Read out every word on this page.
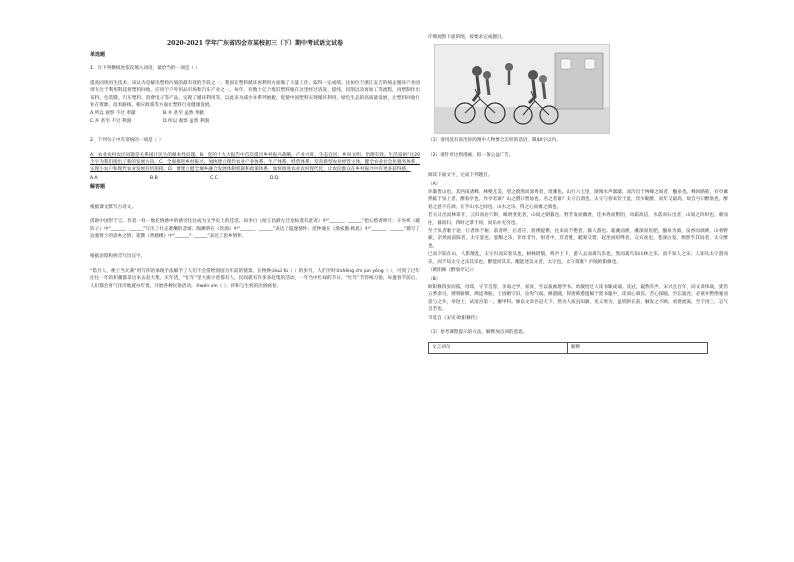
2020-2021 学年广东省四会市某校初三（下）期中考试语文试卷
单选题

1．在下列横线处依次填入词语，最恰当的一项是（ ）

提高同组再生技术，该认为是解决塑料污染的最有效的手段之一。我国在塑料循环再利用方面做了大量工作，取得一定成绩。比如位于浙江安吉的绒企循环产业园则专注于利用科技将塑料回收，应用于户外用品市场和汽车产业之一。每年，有数十亿个废旧塑料瓶在这里经过清洗、提纯、切削以及再加工等流程，再塑制作出布料、包装膜、汽车塑料、消费电子等产品，实现了循环利用等，以此来为减少并系列展板，促使中国塑料实现循环利用、绿色生态的高质量发展，让塑料回收行业在资源、技术路线、相应政策等方面让塑料行业健康发展。

A.所以 观察 不过 奉献	B.并 甚至 虽然 奉献
C.并 甚至 不过 利润	D.所以 观察 虽然 利润

2．下列句子中有语病的一项是（ ）

A．农业农村农民问题是关系国计民生的根本性问题。B．党的十九大报告中首次提出乡村振兴战略，产业兴旺、生态宜居、乡风文明、治理有效、生活富裕“这20个字为我们指出了新的发展方向。C．全面推进乡村振兴，加快建立现代农业产业体系、生产体系、经营体系，培育新型农业经营主体，健全农业社会化服务体系，实现小农户和现代农业发展有机衔接。D．要建立健全城乡融合发展体制机制和政策体系，加快推进农业农村现代化，让农民群众在乡村振兴中有更多获得感。

A.A	B.B	C.C	D.D
解答题

根据课文默写古诗文。

借助中国形于言。作者一样一地托情感中的感受往往成为文学史上的佳话。如李白《闻王昌龄左迁龙标遥有此寄》中“______，______”把心愁寄明月；辛弃疾《破阵子》中“______，______”写出了壮志难酬的悲愤；陶渊明在《饮酒》中“______，______”表达了隐逸情怀；范仲淹在《渔家傲·秋思》中“______，______”描写了边塞将士的思乡之情；崔颢《黄鹤楼》中“______？______”表达了思乡情怀。

根据语境和拼音写出汉字。

“借月人，便子当瓦满”用写你的承现手法赋予了人们不会借给别国为年前的情景。在物换①kuī fú（ ）的岁月，人们平时②shēng chì jùn yōng（ ），可到了过年往往一年的积蓄都拿出来去赶大集，买年货。“忙年”里大街小巷都有人，民间就有许多多赶集的活动，一年当中忙碌的节日。“忙年”节传统习俗，每逢春节前后，人们都会喜气洋洋地置办年货，开展各种民俗活动，③wén xìn（ ）、祥和与生机的民俗画卷。

仔细观察下面的图，按要求完成题目。

（1）请用没有说出你的图中人物要合怎样的话语，限40字以内。

（2）请针对这则漫画，拟一条公益广告。

阅读下面文字，完成下列题目。

（A）

环滁皆山也。其西南诸峰，林壑尤美，望之蔚然而深秀者，琅琊也。山行六七里，渐闻水声潺潺，而泻出于两峰之间者，酿泉也。峰回路转，有亭翼然临于泉上者，醉翁亭也。作亭者谁？山之僧曰智仙也。名之者谁？太守自谓也。太守与客来饮于此，饮少辄醉，而年又最高，故自号曰醉翁也。醉翁之意不在酒，在乎山水之间也。山水之乐，得之心而寓之酒也。

若夫日出而林霏开，云归而岩穴暝，晦明变化者，山间之朝暮也。野芳发而幽香，佳木秀而繁阴，风霜高洁，水落而石出者，山间之四时也。朝而往，暮而归，四时之景不同，而乐亦无穷也。

至于负者歌于途，行者休于树，前者呼，后者应，伛偻提携，往来而不绝者，滁人游也。临溪而渔，溪深而鱼肥，酿泉为酒，泉香而酒洌，山肴野蔌，杂然而前陈者，太守宴也。宴酣之乐，非丝非竹，射者中，弈者胜，觥筹交错，起坐而喧哗者，众宾欢也。苍颜白发，颓然乎其间者，太守醉也。

已而夕阳在山，人影散乱，太守归而宾客从也。树林阴翳，鸣声上下，游人去而禽鸟乐也。然而禽鸟知山林之乐，而不知人之乐；人知从太守游而乐，而不知太守之乐其乐也。醉能同其乐，醒能述以文者，太守也。太守谓谁？庐陵欧阳修也。

（欧阳修《醉翁亭记》）

（B）

欧阳修四岁而孤，母郑，守节自誓，亲诲之学，家贫，至以荻画地学书。幼敏悟过人读书辄成诵。及冠，嶷然有声。宋兴且百年，而文章体裁，犹仍五季余习。锼刻骈偶，淟涊弗振，士因陋守旧，论卑气弱。修游随，得唐韩愈遗稿于废书簏中，读而心慕焉。苦心探赜，至忘寝食，必欲并辔绝驰而追与之并。举进士，试南宫第一，擢甲科。修以文章名冠天下，然为人质直闳廓，见义勇为，虽机阱在前，触发之不顾。放逐流离，至于再三，志气自若也。

节选自《宋史·欧阳修传》

（1）参考课程提示的方法，解释加点词的意思。

文言词句	解释
